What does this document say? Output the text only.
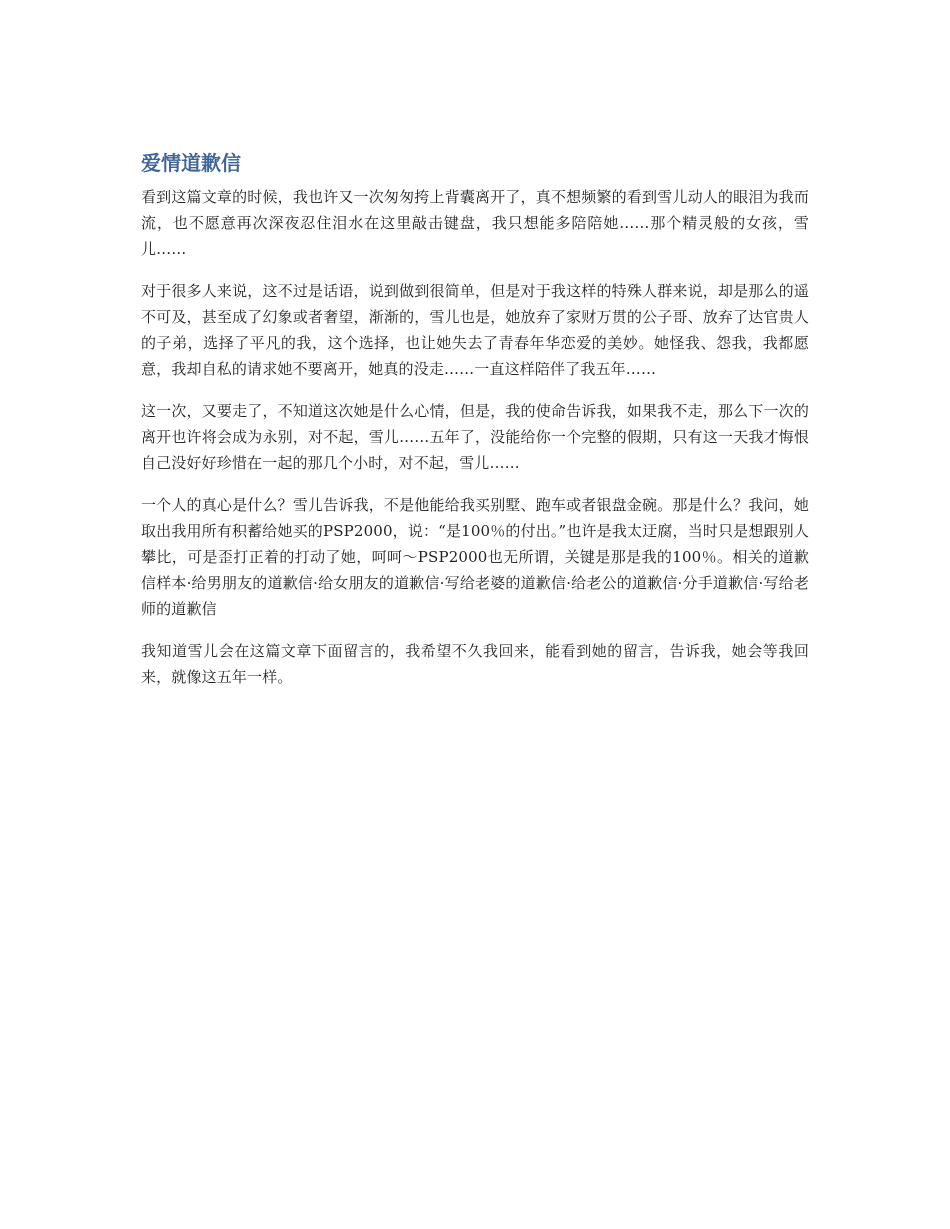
爱情道歉信

看到这篇文章的时候，我也许又一次匆匆挎上背囊离开了，真不想频繁的看到雪儿动人的眼泪为我而流，也不愿意再次深夜忍住泪水在这里敲击键盘，我只想能多陪陪她……那个精灵般的女孩，雪儿……

对于很多人来说，这不过是话语，说到做到很简单，但是对于我这样的特殊人群来说，却是那么的遥不可及，甚至成了幻象或者奢望，渐渐的，雪儿也是，她放弃了家财万贯的公子哥、放弃了达官贵人的子弟，选择了平凡的我，这个选择，也让她失去了青春年华恋爱的美妙。她怪我、怨我，我都愿意，我却自私的请求她不要离开，她真的没走……一直这样陪伴了我五年……

这一次，又要走了，不知道这次她是什么心情，但是，我的使命告诉我，如果我不走，那么下一次的离开也许将会成为永别，对不起，雪儿……五年了，没能给你一个完整的假期，只有这一天我才悔恨自己没好好珍惜在一起的那几个小时，对不起，雪儿……

一个人的真心是什么？雪儿告诉我，不是他能给我买别墅、跑车或者银盘金碗。那是什么？我问，她取出我用所有积蓄给她买的PSP2000，说：“是100％的付出。”也许是我太迂腐，当时只是想跟别人攀比，可是歪打正着的打动了她，呵呵～PSP2000也无所谓，关键是那是我的100％。相关的道歉信样本·给男朋友的道歉信·给女朋友的道歉信·写给老婆的道歉信·给老公的道歉信·分手道歉信·写给老师的道歉信

我知道雪儿会在这篇文章下面留言的，我希望不久我回来，能看到她的留言，告诉我，她会等我回来，就像这五年一样。
